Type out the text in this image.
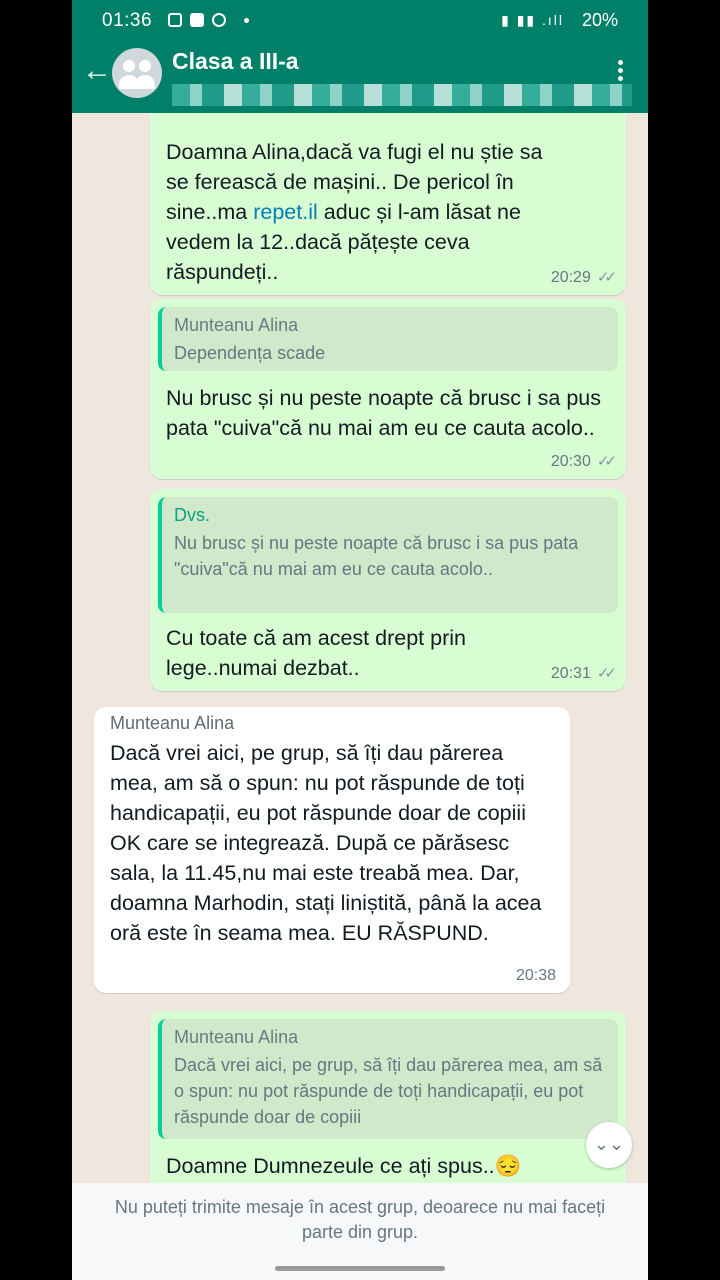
01:36	▮ ▮▮ .ıll 20%
←	Clasa a III-a
Doamna Alina,dacă va fugi el nu știe sa se ferească de mașini.. De pericol în sine..ma repet.il aduc și l-am lăsat ne vedem la 12..dacă pățește ceva răspundeți..	20:29 ✓✓
Munteanu Alina
Dependența scade
Nu brusc și nu peste noapte că brusc i sa pus pata "cuiva"că nu mai am eu ce cauta acolo..
20:30 ✓✓
Dvs.
Nu brusc și nu peste noapte că brusc i sa pus pata "cuiva"că nu mai am eu ce cauta acolo..
Cu toate că am acest drept prin lege..numai dezbat..	20:31 ✓✓
Munteanu Alina
Dacă vrei aici, pe grup, să îți dau părerea mea, am să o spun: nu pot răspunde de toți handicapații, eu pot răspunde doar de copiii OK care se integrează. După ce părăsesc sala, la 11.45,nu mai este treabă mea. Dar, doamna Marhodin, stați liniștită, până la acea oră este în seama mea. EU RĂSPUND.
20:38
Munteanu Alina
Dacă vrei aici, pe grup, să îți dau părerea mea, am să o spun: nu pot răspunde de toți handicapații, eu pot răspunde doar de copiii
Doamne Dumnezeule ce ați spus..😔
⌄⌄
Nu puteți trimite mesaje în acest grup, deoarece nu mai faceți parte din grup.
